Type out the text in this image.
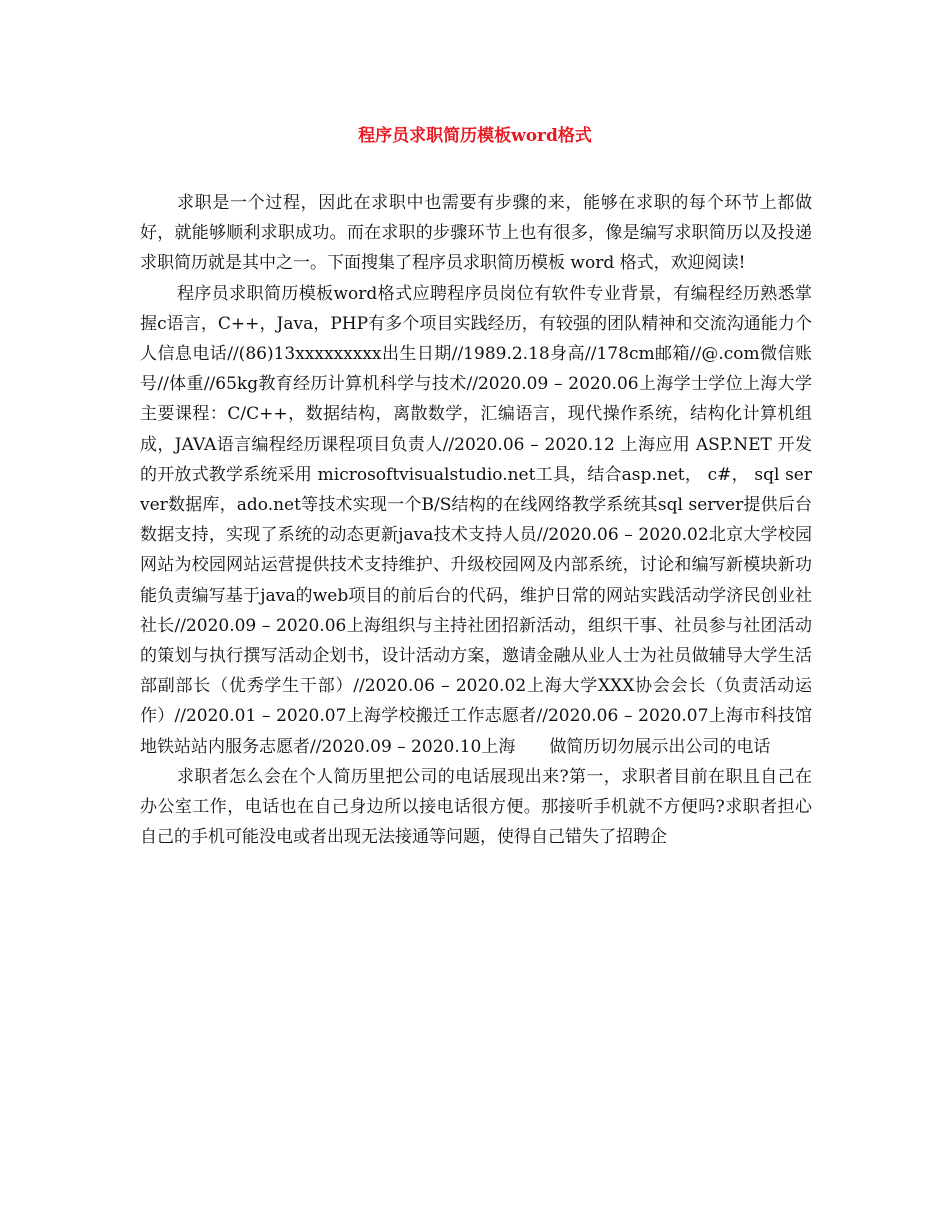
程序员求职简历模板word格式

求职是一个过程，因此在求职中也需要有步骤的来，能够在求职的每个环节上都做好，就能够顺利求职成功。而在求职的步骤环节上也有很多，像是编写求职简历以及投递求职简历就是其中之一。下面搜集了程序员求职简历模板 word 格式，欢迎阅读!

程序员求职简历模板word格式应聘程序员岗位有软件专业背景，有编程经历熟悉掌握c语言，C++，Java，PHP有多个项目实践经历，有较强的团队精神和交流沟通能力个人信息电话//(86)13xxxxxxxxx出生日期//1989.2.18身高//178cm邮箱//@.com微信账号//体重//65kg教育经历计算机科学与技术//2020.09 – 2020.06上海学士学位上海大学主要课程：C/C++，数据结构，离散数学，汇编语言，现代操作系统，结构化计算机组成，JAVA语言编程经历课程项目负责人//2020.06 – 2020.12 上海应用 ASP.NET 开发的开放式教学系统采用 microsoftvisualstudio.net工具，结合asp.net， c#， sql server数据库，ado.net等技术实现一个B/S结构的在线网络教学系统其sql server提供后台数据支持，实现了系统的动态更新java技术支持人员//2020.06 – 2020.02北京大学校园网站为校园网站运营提供技术支持维护、升级校园网及内部系统，讨论和编写新模块新功能负责编写基于java的web项目的前后台的代码，维护日常的网站实践活动学济民创业社社长//2020.09 – 2020.06上海组织与主持社团招新活动，组织干事、社员参与社团活动的策划与执行撰写活动企划书，设计活动方案，邀请金融从业人士为社员做辅导大学生活部副部长（优秀学生干部）//2020.06 – 2020.02上海大学XXX协会会长（负责活动运作）//2020.01 – 2020.07上海学校搬迁工作志愿者//2020.06 – 2020.07上海市科技馆地铁站站内服务志愿者//2020.09 – 2020.10上海　　做简历切勿展示出公司的电话

求职者怎么会在个人简历里把公司的电话展现出来?第一，求职者目前在职且自己在办公室工作，电话也在自己身边所以接电话很方便。那接听手机就不方便吗?求职者担心自己的手机可能没电或者出现无法接通等问题，使得自己错失了招聘企
